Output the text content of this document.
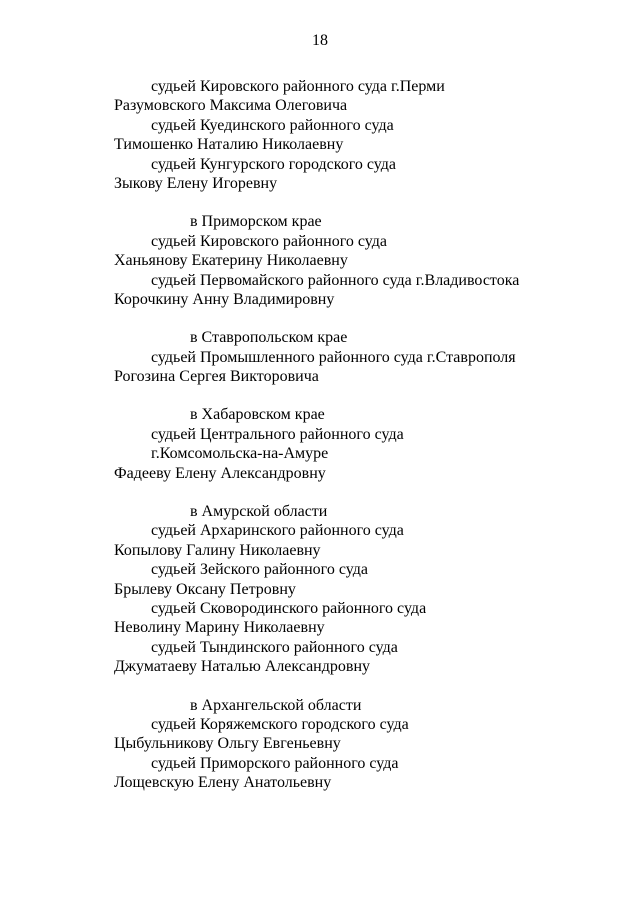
18
судьей Кировского районного суда г.Перми
Разумовского Максима Олеговича
судьей Куединского районного суда
Тимошенко Наталию Николаевну
судьей Кунгурского городского суда
Зыкову Елену Игоревну
в Приморском крае
судьей Кировского районного суда
Ханьянову Екатерину Николаевну
судьей Первомайского районного суда г.Владивостока
Корочкину Анну Владимировну
в Ставропольском крае
судьей Промышленного районного суда г.Ставрополя
Рогозина Сергея Викторовича
в Хабаровском крае
судьей Центрального районного суда
г.Комсомольска-на-Амуре
Фадееву Елену Александровну
в Амурской области
судьей Архаринского районного суда
Копылову Галину Николаевну
судьей Зейского районного суда
Брылеву Оксану Петровну
судьей Сковородинского районного суда
Неволину Марину Николаевну
судьей Тындинского районного суда
Джуматаеву Наталью Александровну
в Архангельской области
судьей Коряжемского городского суда
Цыбульникову Ольгу Евгеньевну
судьей Приморского районного суда
Лощевскую Елену Анатольевну
